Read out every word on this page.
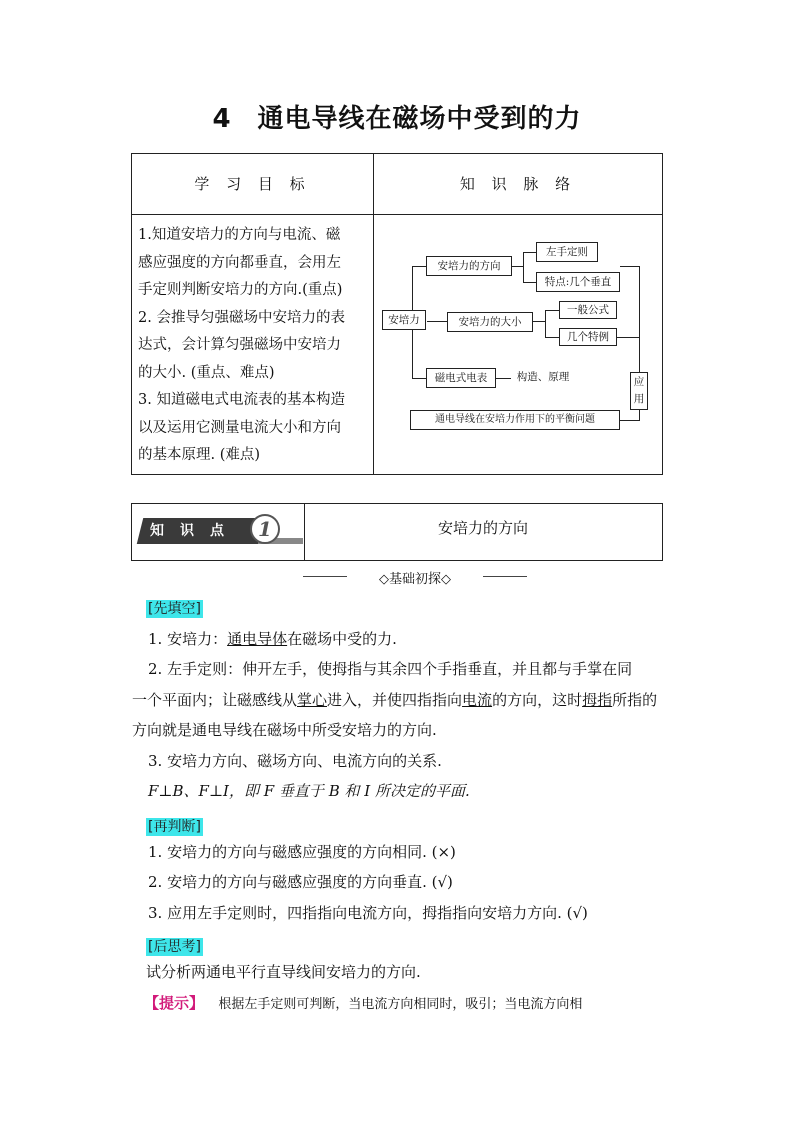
4 通电导线在磁场中受到的力
学 习 目 标	知 识 脉 络
1.知道安培力的方向与电流、磁
感应强度的方向都垂直，会用左
手定则判断安培力的方向.(重点)
2. 会推导匀强磁场中安培力的表
达式，会计算匀强磁场中安培力
的大小. (重点、难点)
3. 知道磁电式电流表的基本构造
以及运用它测量电流大小和方向
的基本原理. (难点)
安培力
安培力的方向
左手定则
特点:几个垂直
安培力的大小
一般公式
几个特例
磁电式电表	构造、原理	应用
通电导线在安培力作用下的平衡问题
知识点 1	安培力的方向
◇基础初探◇
[先填空]
1. 安培力：通电导体在磁场中受的力.
2. 左手定则：伸开左手，使拇指与其余四个手指垂直，并且都与手掌在同
一个平面内；让磁感线从掌心进入，并使四指指向电流的方向，这时拇指所指的
方向就是通电导线在磁场中所受安培力的方向.
3. 安培力方向、磁场方向、电流方向的关系.
F⊥B、F⊥I，即 F 垂直于 B 和 I 所决定的平面.
[再判断]
1. 安培力的方向与磁感应强度的方向相同. (×)
2. 安培力的方向与磁感应强度的方向垂直. (√)
3. 应用左手定则时，四指指向电流方向，拇指指向安培力方向. (√)
[后思考]
试分析两通电平行直导线间安培力的方向.
【提示】 根据左手定则可判断，当电流方向相同时，吸引；当电流方向相
